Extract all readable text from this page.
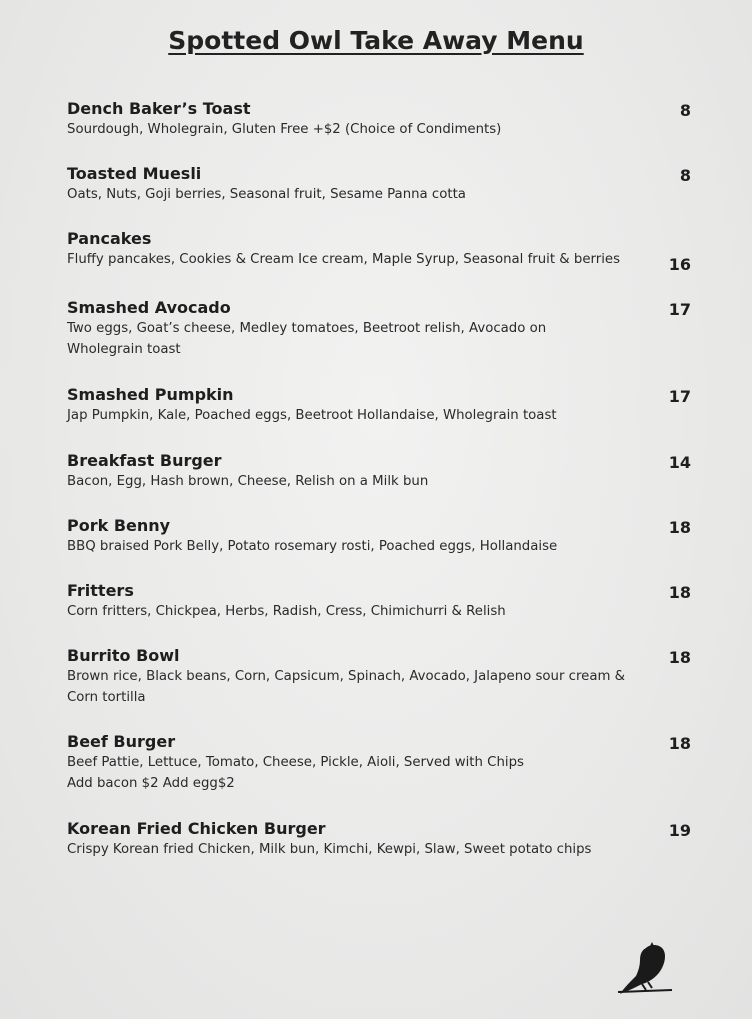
Spotted Owl Take Away Menu
Dench Baker’s Toast
Sourdough, Wholegrain, Gluten Free +$2 (Choice of Condiments)
8
Toasted Muesli
Oats, Nuts, Goji berries, Seasonal fruit, Sesame Panna cotta
8
Pancakes
Fluffy pancakes, Cookies & Cream Ice cream, Maple Syrup, Seasonal fruit & berries	16
Smashed Avocado
Two eggs, Goat’s cheese, Medley tomatoes, Beetroot relish, Avocado on
Wholegrain toast
17
Smashed Pumpkin
Jap Pumpkin, Kale, Poached eggs, Beetroot Hollandaise, Wholegrain toast
17
Breakfast Burger
Bacon, Egg, Hash brown, Cheese, Relish on a Milk bun
14
Pork Benny
BBQ braised Pork Belly, Potato rosemary rosti, Poached eggs, Hollandaise
18
Fritters
Corn fritters, Chickpea, Herbs, Radish, Cress, Chimichurri & Relish
18
Burrito Bowl
Brown rice, Black beans, Corn, Capsicum, Spinach, Avocado, Jalapeno sour cream &
Corn tortilla
18
Beef Burger
Beef Pattie, Lettuce, Tomato, Cheese, Pickle, Aioli, Served with Chips
Add bacon $2 Add egg$2
18
Korean Fried Chicken Burger
Crispy Korean fried Chicken, Milk bun, Kimchi, Kewpi, Slaw, Sweet potato chips
19
